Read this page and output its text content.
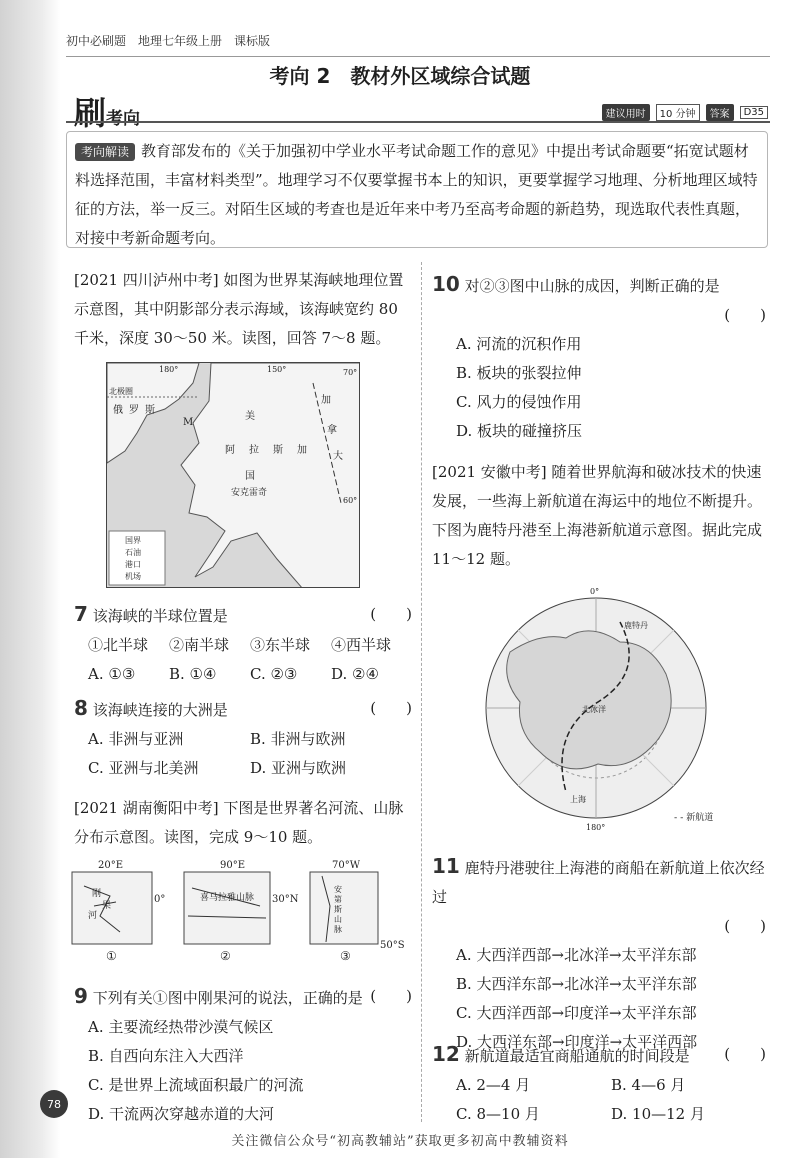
初中必刷题　地理七年级上册　课标版
考向 2　教材外区域综合试题
刷考向	建议用时	10 分钟	答案	D35
考向解读 教育部发布的《关于加强初中学业水平考试命题工作的意见》中提出考试命题要“拓宽试题材料选择范围，丰富材料类型”。地理学习不仅要掌握书本上的知识，更要掌握学习地理、分析地理区域特征的方法，举一反三。对陌生区域的考查也是近年来中考乃至高考命题的新趋势，现选取代表性真题，对接中考新命题考向。
[2021 四川泸州中考] 如图为世界某海峡地理位置示意图，其中阴影部分表示海域，该海峡宽约 80 千米，深度 30～50 米。读图，回答 7～8 题。
北极圈
俄 罗 斯
M
美
国
阿 拉 斯 加
加
拿
大
安克雷奇
180°	150°	70°
60°
国界
石油
港口
机场
7 该海峡的半球位置是	(　　)
①北半球	②南半球	③东半球	④西半球
A. ①③	B. ①④	C. ②③	D. ②④
8 该海峡连接的大洲是	(　　)
A. 非洲与亚洲	B. 非洲与欧洲
C. 亚洲与北美洲	D. 亚洲与欧洲
[2021 湖南衡阳中考] 下图是世界著名河流、山脉分布示意图。读图，完成 9～10 题。
20°E
0°
刚
果
河
①
90°E
30°N
喜马拉雅山脉
②
70°W
50°S
安
第
斯
山
脉
③
9 下列有关①图中刚果河的说法，正确的是 (　　)
A. 主要流经热带沙漠气候区
B. 自西向东注入大西洋
C. 是世界上流域面积最广的河流
D. 干流两次穿越赤道的大河
10 对②③图中山脉的成因，判断正确的是
(　　)
A. 河流的沉积作用
B. 板块的张裂拉伸
C. 风力的侵蚀作用
D. 板块的碰撞挤压
[2021 安徽中考] 随着世界航海和破冰技术的快速发展，一些海上新航道在海运中的地位不断提升。下图为鹿特丹港至上海港新航道示意图。据此完成 11～12 题。
0°
180°
鹿特丹
上海
北冰洋
- - 新航道
11 鹿特丹港驶往上海港的商船在新航道上依次经过
(　　)
A. 大西洋西部→北冰洋→太平洋东部
B. 大西洋东部→北冰洋→太平洋东部
C. 大西洋西部→印度洋→太平洋东部
D. 大西洋东部→印度洋→太平洋西部
12 新航道最适宜商船通航的时间段是 (　　)
A. 2—4 月	B. 4—6 月
C. 8—10 月	D. 10—12 月
78
关注微信公众号“初高教辅站”获取更多初高中教辅资料
